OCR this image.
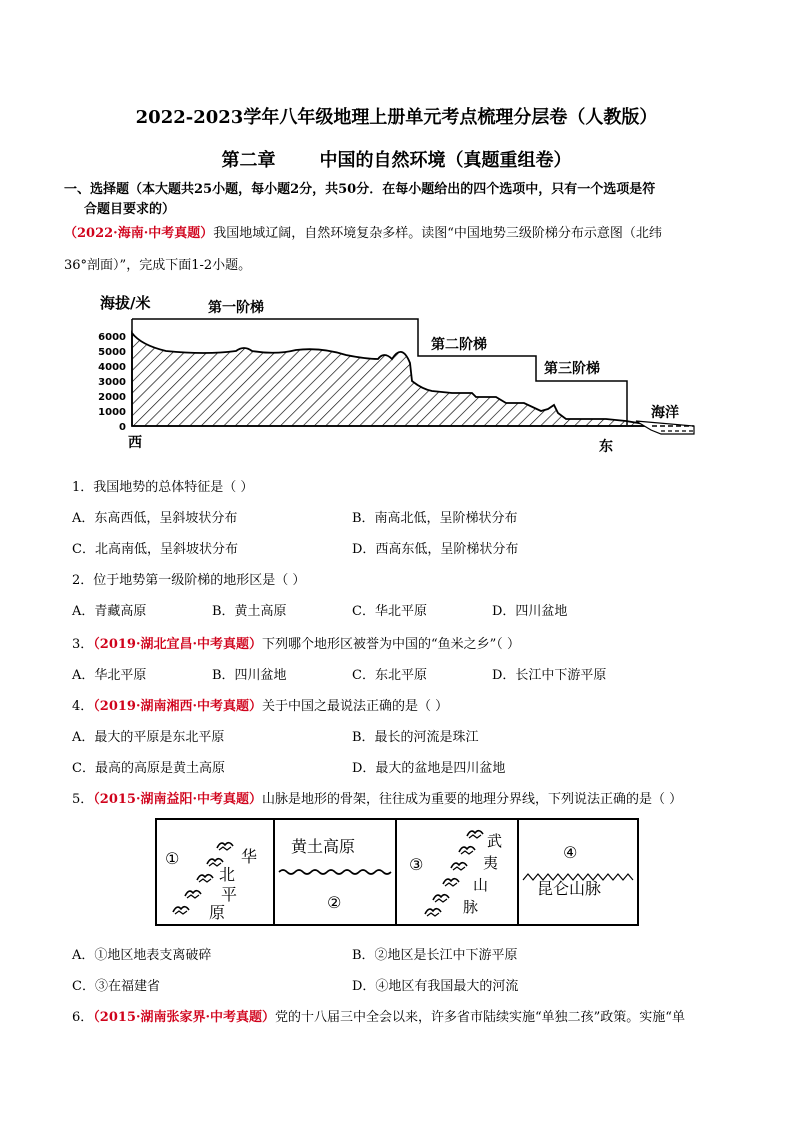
2022-2023学年八年级地理上册单元考点梳理分层卷（人教版）
第二章 中国的自然环境（真题重组卷）
一、选择题（本大题共25小题，每小题2分，共50分．在每小题给出的四个选项中，只有一个选项是符
合题目要求的）
（2022·海南·中考真题）我国地域辽阔，自然环境复杂多样。读图“中国地势三级阶梯分布示意图（北纬
36°剖面）”，完成下面1-2小题。
海拔/米
6000
5000
4000
3000
2000
1000
0
第一阶梯
第二阶梯
第三阶梯
海洋
西	东
1．我国地势的总体特征是（ ）
A．东高西低，呈斜坡状分布	B．南高北低，呈阶梯状分布
C．北高南低，呈斜坡状分布	D．西高东低，呈阶梯状分布
2．位于地势第一级阶梯的地形区是（ ）
A．青藏高原	B．黄土高原	C．华北平原	D．四川盆地
3．（2019·湖北宜昌·中考真题）下列哪个地形区被誉为中国的“鱼米之乡”（ ）
A．华北平原	B．四川盆地	C．东北平原	D．长江中下游平原
4．（2019·湖南湘西·中考真题）关于中国之最说法正确的是（ ）
A．最大的平原是东北平原	B．最长的河流是珠江
C．最高的高原是黄土高原	D．最大的盆地是四川盆地
5．（2015·湖南益阳·中考真题）山脉是地形的骨架，往往成为重要的地理分界线，下列说法正确的是（ ）
①	华
北
平
原
黄土高原
②
③
武
夷
山
脉
④
昆仑山脉
A．①地区地表支离破碎	B．②地区是长江中下游平原
C．③在福建省	D．④地区有我国最大的河流
6．（2015·湖南张家界·中考真题）党的十八届三中全会以来，许多省市陆续实施“单独二孩”政策。实施“单
